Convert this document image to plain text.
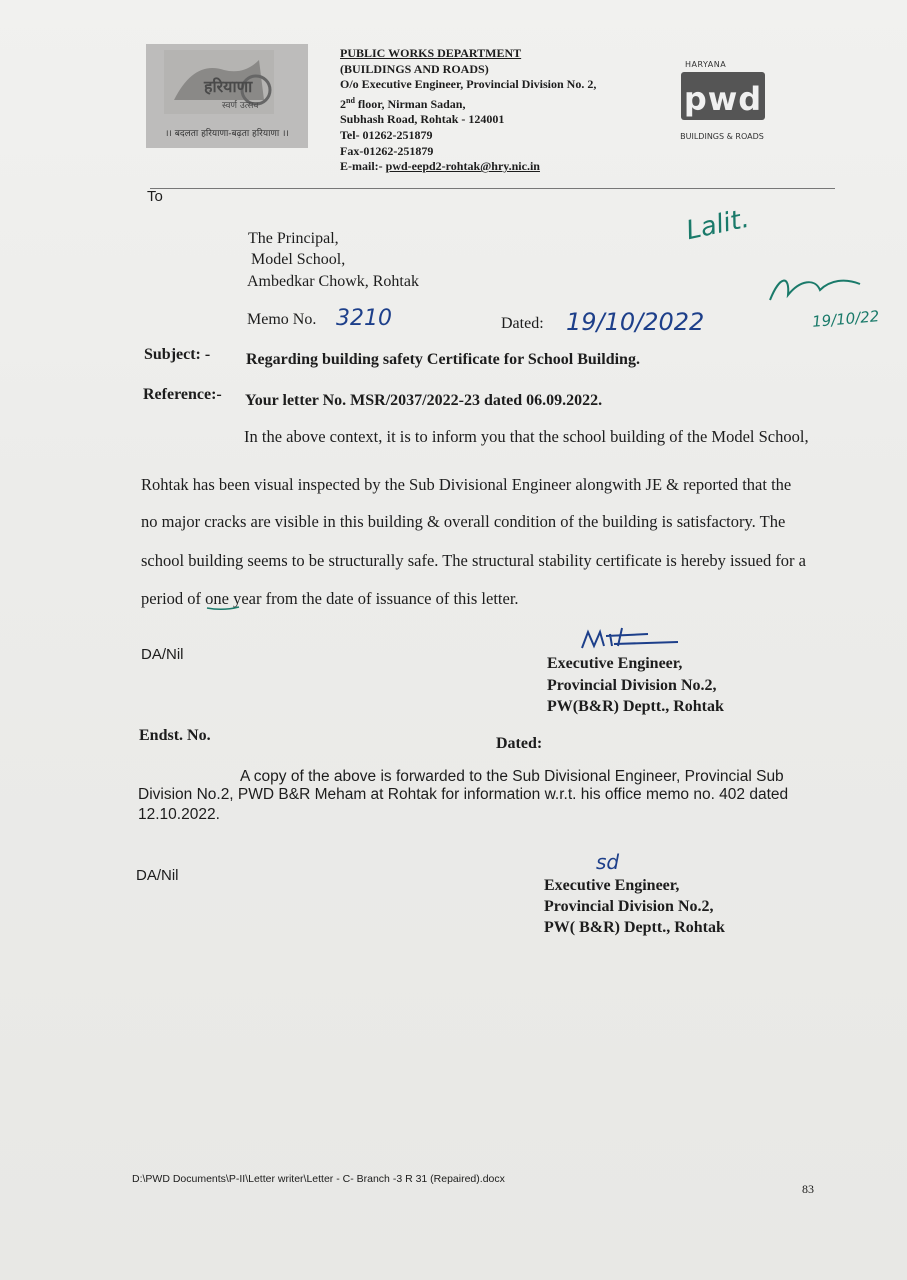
हरियाणा
स्वर्ण उत्सव
।। बदलता हरियाणा-बढ़ता हरियाणा ।।
PUBLIC WORKS DEPARTMENT
(BUILDINGS AND ROADS)
O/o Executive Engineer, Provincial Division No. 2,
2nd floor, Nirman Sadan,
Subhash Road, Rohtak - 124001
Tel- 01262-251879
Fax-01262-251879
E-mail:- pwd-eepd2-rohtak@hry.nic.in
HARYANA
pwd
BUILDINGS & ROADS
To
The Principal,
Model School,
Ambedkar Chowk, Rohtak
Memo No. 3210	Dated: 19/10/2022
Lalit.
19/10/22
Subject: - Regarding building safety Certificate for School Building.
Reference:- Your letter No. MSR/2037/2022-23 dated 06.09.2022.
In the above context, it is to inform you that the school building of the Model School,
Rohtak has been visual inspected by the Sub Divisional Engineer alongwith JE & reported that the
no major cracks are visible in this building & overall condition of the building is satisfactory. The
school building seems to be structurally safe. The structural stability certificate is hereby issued for a
period of one year from the date of issuance of this letter.
DA/Nil
Executive Engineer,
Provincial Division No.2,
PW(B&R) Deptt., Rohtak
Endst. No.	Dated:
A copy of the above is forwarded to the Sub Divisional Engineer, Provincial Sub
Division No.2, PWD B&R Meham at Rohtak for information w.r.t. his office memo no. 402 dated
12.10.2022.
DA/Nil
sd
Executive Engineer,
Provincial Division No.2,
PW( B&R) Deptt., Rohtak
D:\PWD Documents\P-II\Letter writer\Letter - C- Branch -3 R 31 (Repaired).docx
83
